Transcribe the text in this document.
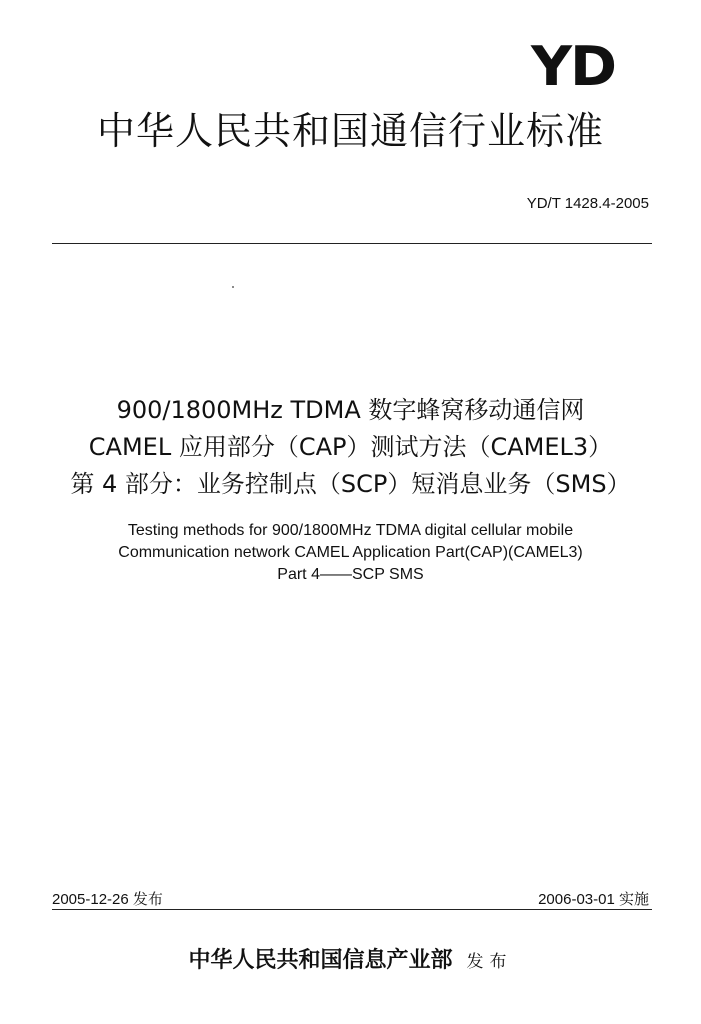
YD
中华人民共和国通信行业标准
YD/T 1428.4-2005
900/1800MHz TDMA 数字蜂窝移动通信网
CAMEL 应用部分（CAP）测试方法（CAMEL3）
第 4 部分：业务控制点（SCP）短消息业务（SMS）
Testing methods for 900/1800MHz TDMA digital cellular mobile
Communication network CAMEL Application Part(CAP)(CAMEL3)
Part 4——SCP SMS
2005-12-26 发布	2006-03-01 实施
中华人民共和国信息产业部 发布
